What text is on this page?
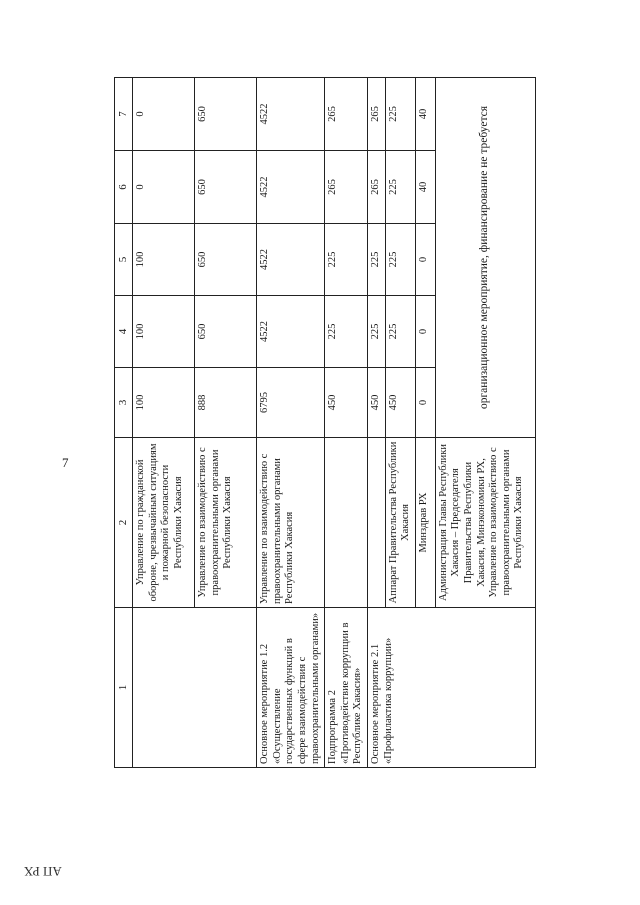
7
АП РХ
1	2	3	4	5	6	7
	Управление по гражданской обороне, чрезвычайным ситуациям и пожарной безопасности Республики Хакасия	100	100	100	0	0
	Управление по взаимодействию с правоохранительными органами Республики Хакасия	888	650	650	650	650
Основное мероприятие 1.2 «Осуществление государственных функций в сфере взаимодействия с правоохранительными органами»	Управление по взаимодействию с правоохранительными органами Республики Хакасия	6795	4522	4522	4522	4522
Подпрограмма 2 «Противодействие коррупции в Республике Хакасия»		450	225	225	265	265
Основное мероприятие 2.1 «Профилактика коррупции»		450	225	225	265	265
	Аппарат Правительства Республики Хакасия	450	225	225	225	225
	Минздрав РХ	0	0	0	40	40
	Администрация Главы Республики Хакасия – Председателя Правительства Республики Хакасия, Минэкономики РХ, Управление по взаимодействию с правоохранительными органами Республики Хакасия	организационное мероприятие, финансирование не требуется				
